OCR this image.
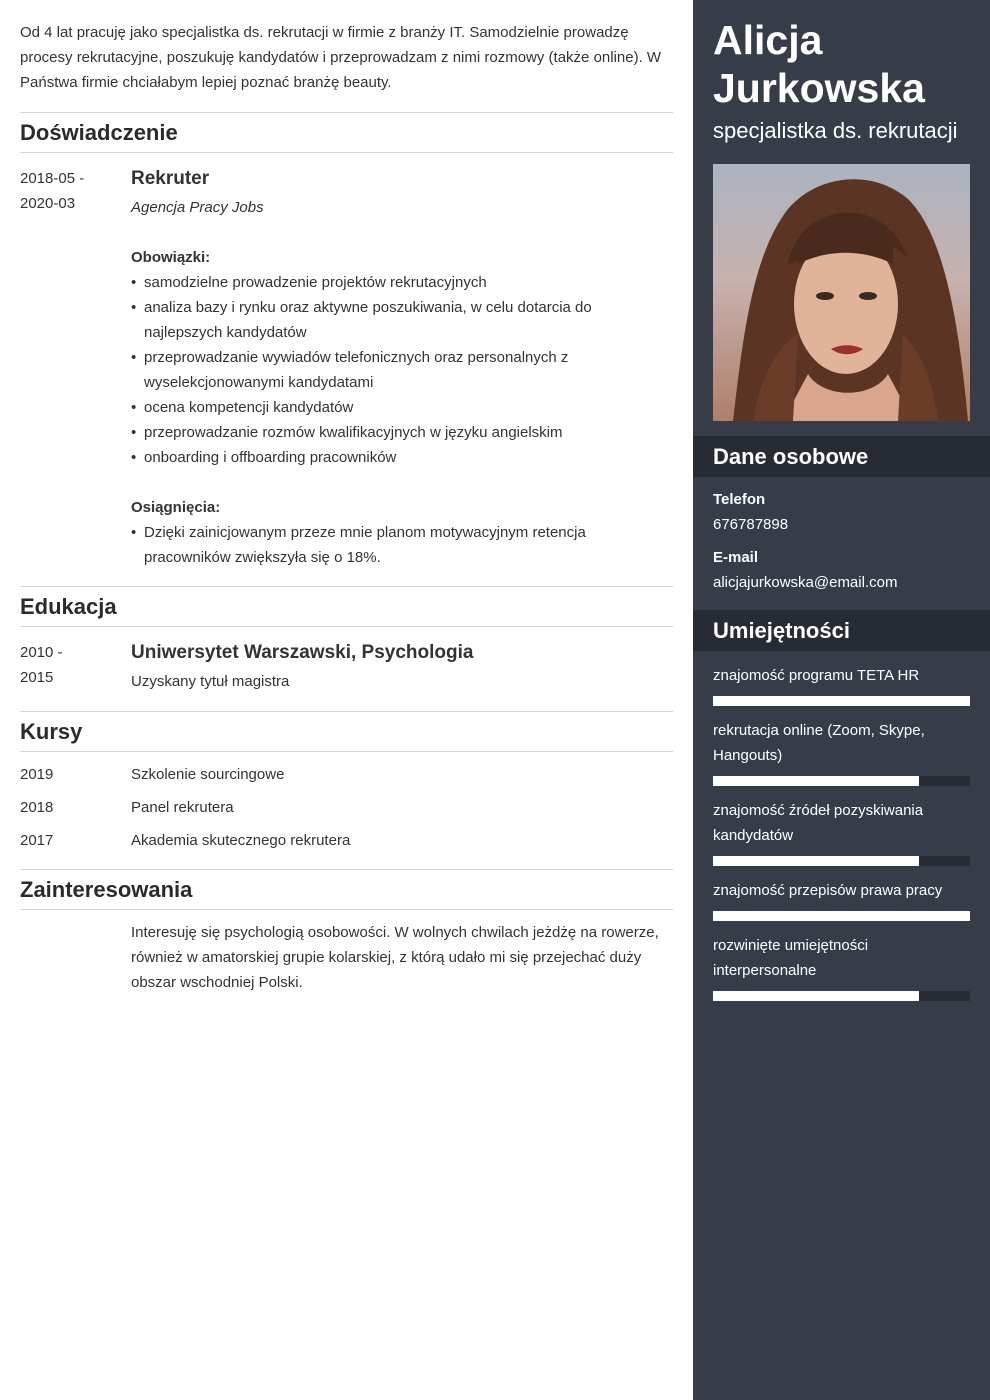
Od 4 lat pracuję jako specjalistka ds. rekrutacji w firmie z branży IT. Samodzielnie prowadzę procesy rekrutacyjne, poszukuję kandydatów i przeprowadzam z nimi rozmowy (także online). W Państwa firmie chciałabym lepiej poznać branżę beauty.

Doświadczenie
2018-05 -
2020-03
Rekruter
Agencja Pracy Jobs
Obowiązki:
• samodzielne prowadzenie projektów rekrutacyjnych
• analiza bazy i rynku oraz aktywne poszukiwania, w celu dotarcia do najlepszych kandydatów
• przeprowadzanie wywiadów telefonicznych oraz personalnych z wyselekcjonowanymi kandydatami
• ocena kompetencji kandydatów
• przeprowadzanie rozmów kwalifikacyjnych w języku angielskim
• onboarding i offboarding pracowników
Osiągnięcia:
• Dzięki zainicjowanym przeze mnie planom motywacyjnym retencja pracowników zwiększyła się o 18%.
Edukacja
2010 -
2015
Uniwersytet Warszawski, Psychologia
Uzyskany tytuł magistra
Kursy
2019	Szkolenie sourcingowe
2018	Panel rekrutera
2017	Akademia skutecznego rekrutera
Zainteresowania
Interesuję się psychologią osobowości. W wolnych chwilach jeżdżę na rowerze, również w amatorskiej grupie kolarskiej, z którą udało mi się przejechać duży obszar wschodniej Polski.
Alicja
Jurkowska
specjalistka ds. rekrutacji
Dane osobowe
Telefon
676787898
E-mail
alicjajurkowska@email.com
Umiejętności
znajomość programu TETA HR
rekrutacja online (Zoom, Skype, Hangouts)
znajomość źródeł pozyskiwania kandydatów
znajomość przepisów prawa pracy
rozwinięte umiejętności interpersonalne
